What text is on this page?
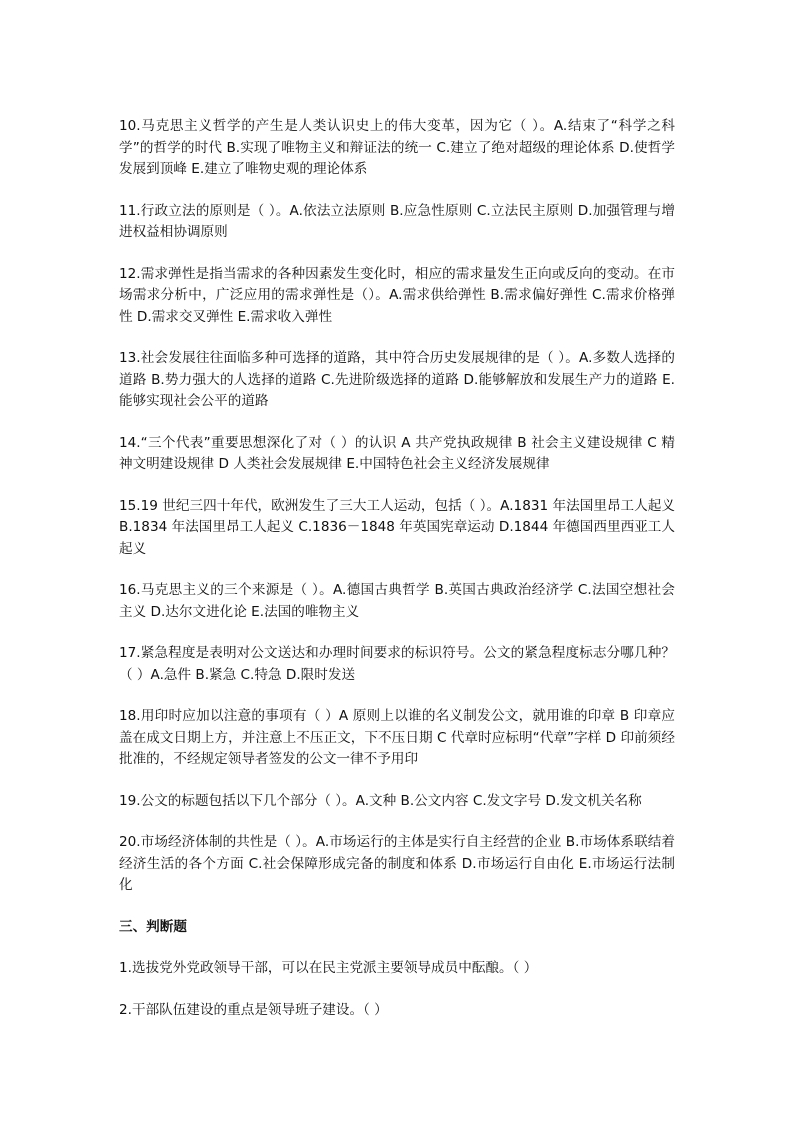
10.马克思主义哲学的产生是人类认识史上的伟大变革，因为它（ ）。A.结束了“科学之科学”的哲学的时代 B.实现了唯物主义和辩证法的统一 C.建立了绝对超级的理论体系 D.使哲学发展到顶峰 E.建立了唯物史观的理论体系

11.行政立法的原则是（ ）。A.依法立法原则 B.应急性原则 C.立法民主原则 D.加强管理与增进权益相协调原则

12.需求弹性是指当需求的各种因素发生变化时，相应的需求量发生正向或反向的变动。在市场需求分析中，广泛应用的需求弹性是（）。A.需求供给弹性 B.需求偏好弹性 C.需求价格弹性 D.需求交叉弹性 E.需求收入弹性

13.社会发展往往面临多种可选择的道路，其中符合历史发展规律的是（ ）。A.多数人选择的道路 B.势力强大的人选择的道路 C.先进阶级选择的道路 D.能够解放和发展生产力的道路 E.能够实现社会公平的道路

14.“三个代表”重要思想深化了对（ ）的认识 A 共产党执政规律 B 社会主义建设规律 C 精神文明建设规律 D 人类社会发展规律 E.中国特色社会主义经济发展规律

15.19 世纪三四十年代，欧洲发生了三大工人运动，包括（ ）。A.1831 年法国里昂工人起义 B.1834 年法国里昂工人起义 C.1836－1848 年英国宪章运动 D.1844 年德国西里西亚工人起义

16.马克思主义的三个来源是（ ）。A.德国古典哲学 B.英国古典政治经济学 C.法国空想社会主义 D.达尔文进化论 E.法国的唯物主义

17.紧急程度是表明对公文送达和办理时间要求的标识符号。公文的紧急程度标志分哪几种？（ ）A.急件 B.紧急 C.特急 D.限时发送

18.用印时应加以注意的事项有（ ）A 原则上以谁的名义制发公文，就用谁的印章 B 印章应盖在成文日期上方，并注意上不压正文，下不压日期 C 代章时应标明“代章”字样 D 印前须经批准的，不经规定领导者签发的公文一律不予用印

19.公文的标题包括以下几个部分（ ）。A.文种 B.公文内容 C.发文字号 D.发文机关名称

20.市场经济体制的共性是（ ）。A.市场运行的主体是实行自主经营的企业 B.市场体系联结着经济生活的各个方面 C.社会保障形成完备的制度和体系 D.市场运行自由化 E.市场运行法制化

三、判断题

1.选拔党外党政领导干部，可以在民主党派主要领导成员中酝酿。（ ）

2.干部队伍建设的重点是领导班子建设。（ ）
